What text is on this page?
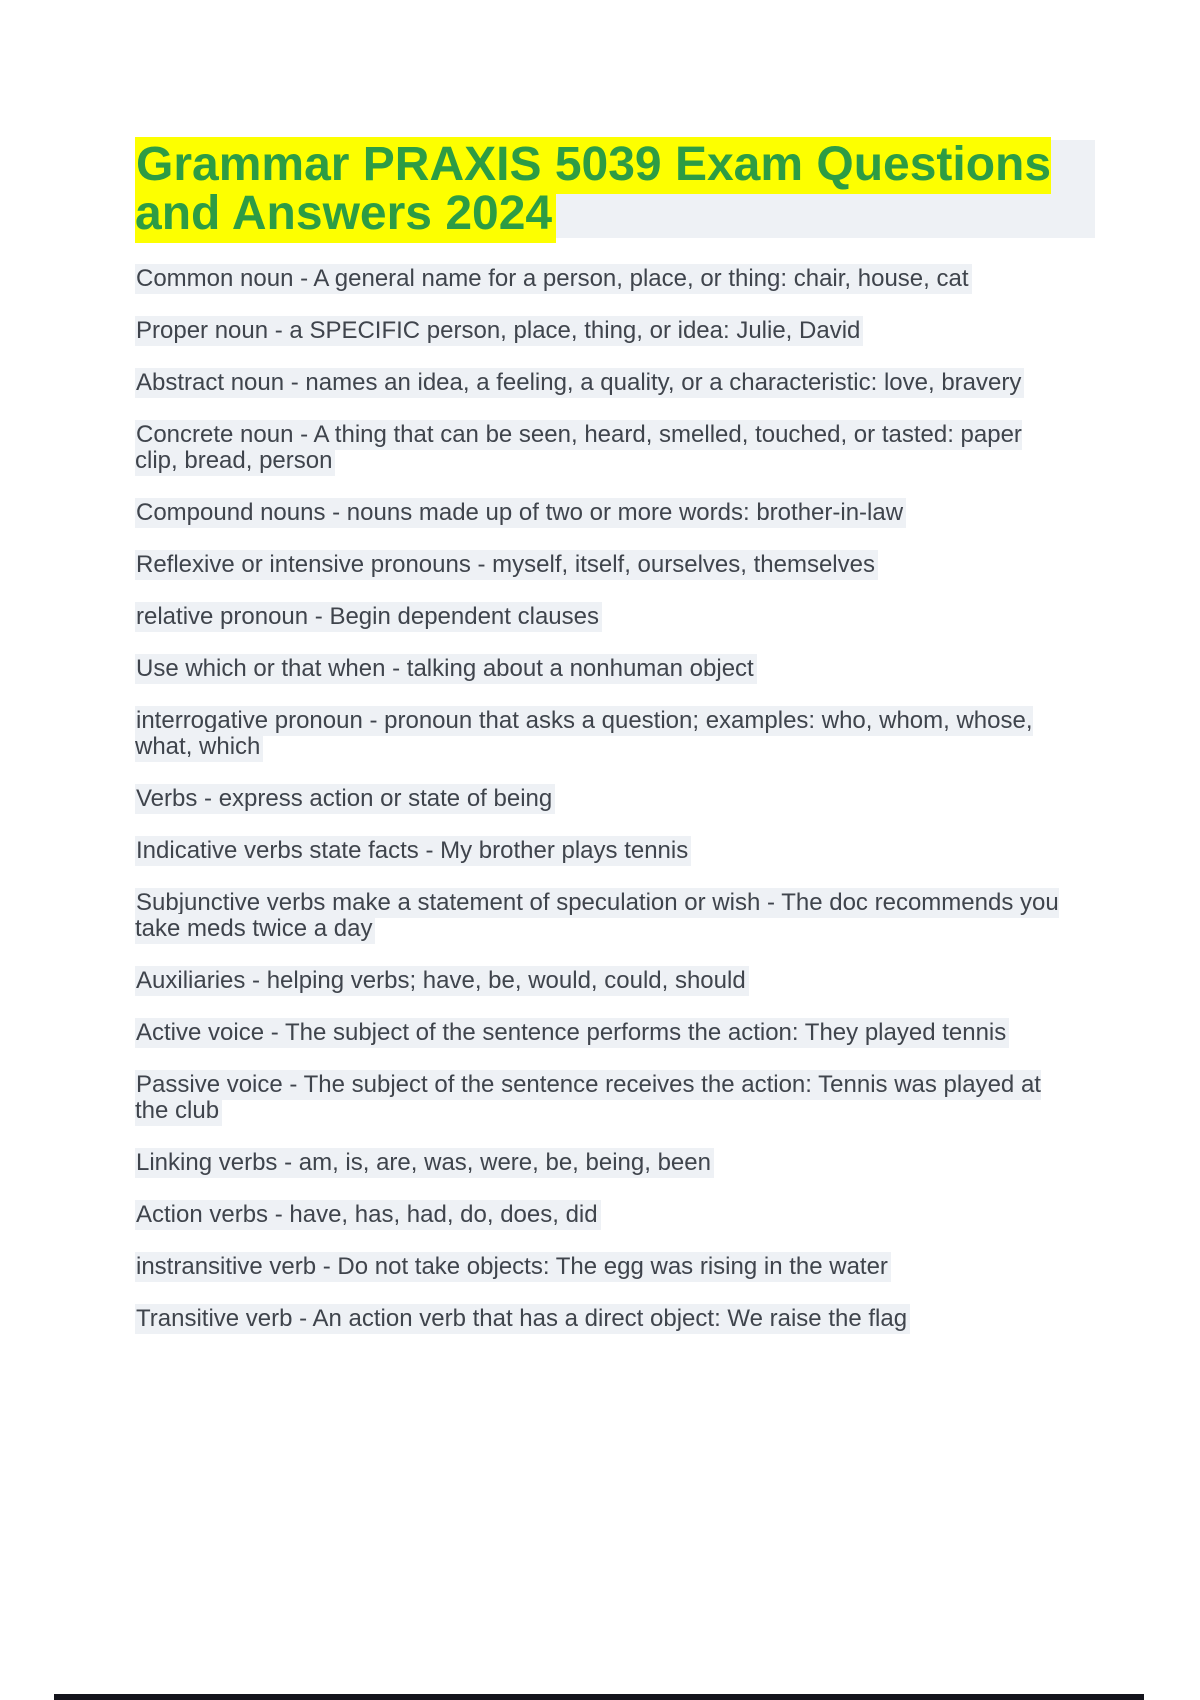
Grammar PRAXIS 5039 Exam Questions and Answers 2024

Common noun - A general name for a person, place, or thing: chair, house, cat

Proper noun - a SPECIFIC person, place, thing, or idea: Julie, David

Abstract noun - names an idea, a feeling, a quality, or a characteristic: love, bravery

Concrete noun - A thing that can be seen, heard, smelled, touched, or tasted: paper clip, bread, person

Compound nouns - nouns made up of two or more words: brother-in-law

Reflexive or intensive pronouns - myself, itself, ourselves, themselves

relative pronoun - Begin dependent clauses

Use which or that when - talking about a nonhuman object

interrogative pronoun - pronoun that asks a question; examples: who, whom, whose, what, which

Verbs - express action or state of being

Indicative verbs state facts - My brother plays tennis

Subjunctive verbs make a statement of speculation or wish - The doc recommends you take meds twice a day

Auxiliaries - helping verbs; have, be, would, could, should

Active voice - The subject of the sentence performs the action: They played tennis

Passive voice - The subject of the sentence receives the action: Tennis was played at the club

Linking verbs - am, is, are, was, were, be, being, been

Action verbs - have, has, had, do, does, did

instransitive verb - Do not take objects: The egg was rising in the water

Transitive verb - An action verb that has a direct object: We raise the flag
